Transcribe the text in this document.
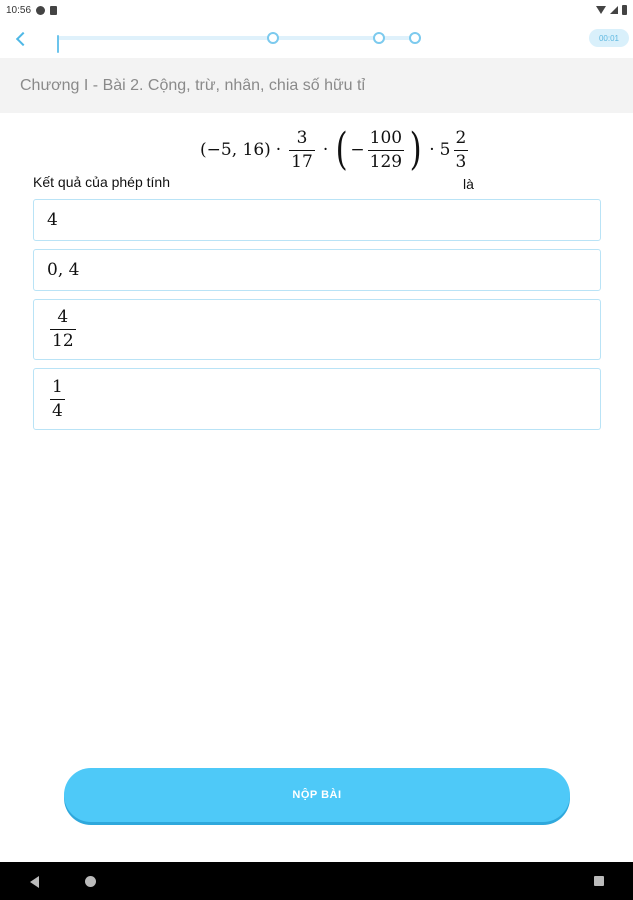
10:56
00:01
Chương I - Bài 2. Cộng, trừ, nhân, chia số hữu tỉ
Kết quả của phép tính
(−5, $16) \cdot \frac{3}{17}$ · ( − $\frac{100}{129}$ ) · $5 \frac{2}{3}$
là
4
0, 4
$\frac{4}{12}$
$\frac{1}{4}$
NỘP BÀI
